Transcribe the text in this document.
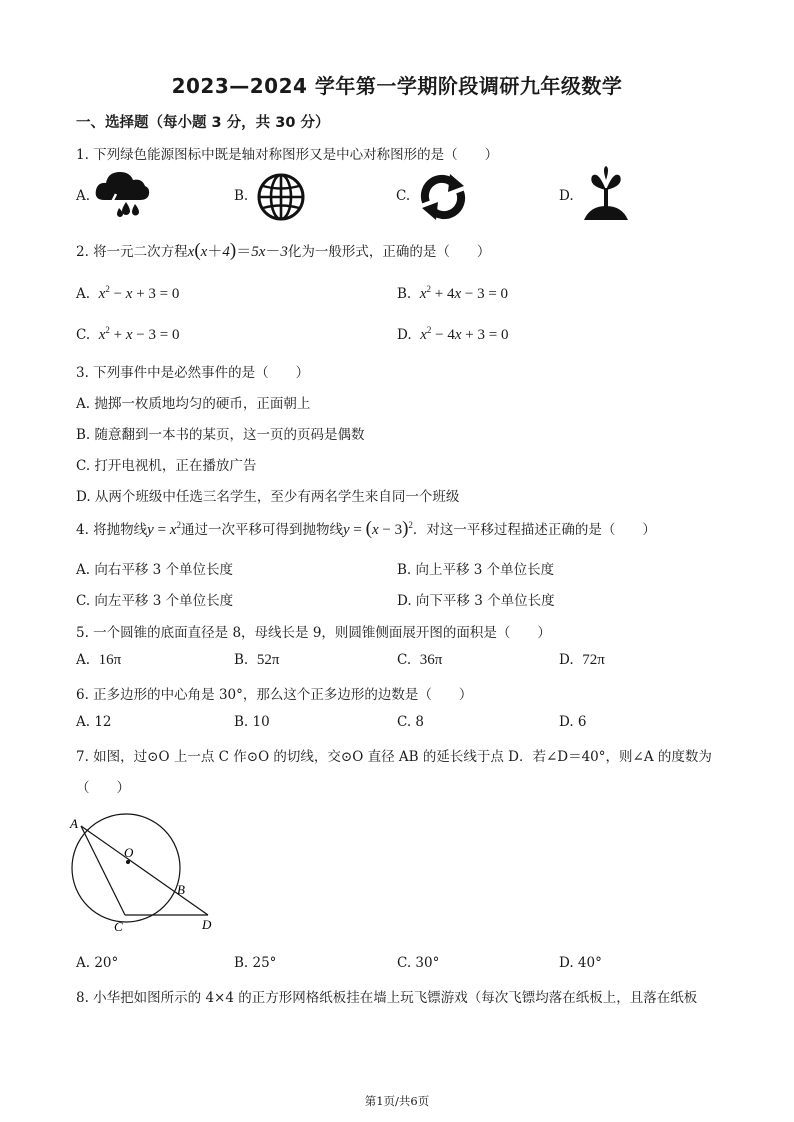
2023—2024 学年第一学期阶段调研九年级数学
一、选择题（每小题 3 分，共 30 分）
1. 下列绿色能源图标中既是轴对称图形又是中心对称图形的是（　　）
A.	B.	C.	D.
2. 将一元二次方程x(x＋4)＝5x－3化为一般形式，正确的是（　　）
A. $x^2 - x + 3 = 0$	B. $x^2 + 4x - 3 = 0$
C. $x^2 + x - 3 = 0$	D. $x^2 - 4x + 3 = 0$
3. 下列事件中是必然事件的是（　　）
A. 抛掷一枚质地均匀的硬币，正面朝上
B. 随意翻到一本书的某页，这一页的页码是偶数
C. 打开电视机，正在播放广告
D. 从两个班级中任选三名学生，至少有两名学生来自同一个班级
4. 将抛物线$y = x^2$通过一次平移可得到抛物线$y = (x - 3)^2$．对这一平移过程描述正确的是（　　）
A. 向右平移 3 个单位长度	B. 向上平移 3 个单位长度
C. 向左平移 3 个单位长度	D. 向下平移 3 个单位长度
5. 一个圆锥的底面直径是 8，母线长是 9，则圆锥侧面展开图的面积是（　　）
A. 16π	B. 52π	C. 36π	D. 72π
6. 正多边形的中心角是 30°，那么这个正多边形的边数是（　　）
A. 12	B. 10	C. 8	D. 6
7. 如图，过⊙O 上一点 C 作⊙O 的切线，交⊙O 直径 AB 的延长线于点 D．若∠D＝40°，则∠A 的度数为
（　　）
A
O
B
C	D
A. 20°	B. 25°	C. 30°	D. 40°
8. 小华把如图所示的 4×4 的正方形网格纸板挂在墙上玩飞镖游戏（每次飞镖均落在纸板上，且落在纸板
第1页/共6页
